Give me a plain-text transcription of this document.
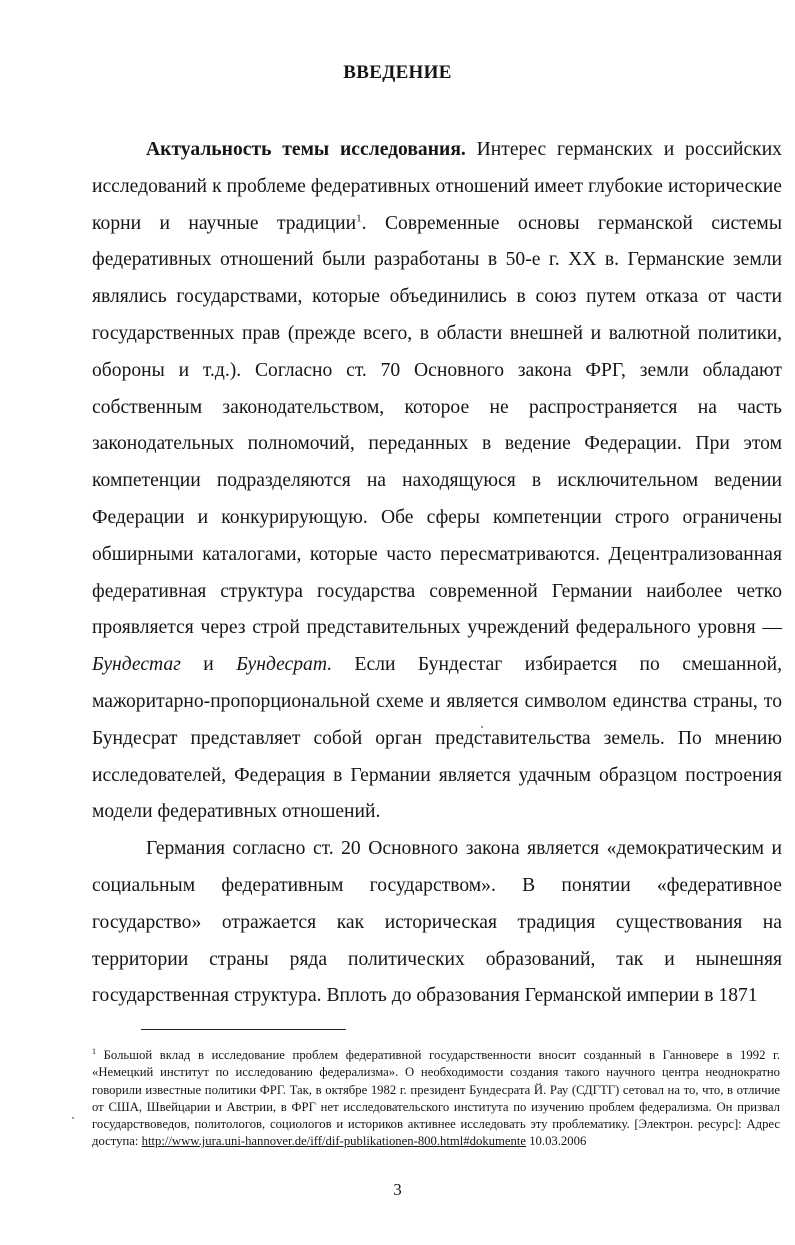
ВВЕДЕНИЕ

Актуальность темы исследования. Интерес германских и российских исследований к проблеме федеративных отношений имеет глубокие исторические корни и научные традиции$^1$. Современные основы германской системы федеративных отношений были разработаны в 50-е г. XX в. Германские земли являлись государствами, которые объединились в союз путем отказа от части государственных прав (прежде всего, в области внешней и валютной политики, обороны и т.д.). Согласно ст. 70 Основного закона ФРГ, земли обладают собственным законодательством, которое не распространяется на часть законодательных полномочий, переданных в ведение Федерации. При этом компетенции подразделяются на находящуюся в исключительном ведении Федерации и конкурирующую. Обе сферы компетенции строго ограничены обширными каталогами, которые часто пересматриваются. Децентрализованная федеративная структура государства современной Германии наиболее четко проявляется через строй представительных учреждений федерального уровня — Бундестаг и Бундесрат. Если Бундестаг избирается по смешанной, мажоритарно-пропорциональной схеме и является символом единства страны, то Бундесрат представляет собой орган представительства земель. По мнению исследователей, Федерация в Германии является удачным образцом построения модели федеративных отношений.

Германия согласно ст. 20 Основного закона является «демократическим и социальным федеративным государством». В понятии «федеративное государство» отражается как историческая традиция существования на территории страны ряда политических образований, так и нынешняя государственная структура. Вплоть до образования Германской империи в 1871

$^1$ Большой вклад в исследование проблем федеративной государственности вносит созданный в Ганновере в 1992 г. «Немецкий институт по исследованию федерализма». О необходимости создания такого научного центра неоднократно говорили известные политики ФРГ. Так, в октябре 1982 г. президент Бундесрата Й. Рау (СДГТГ) сетовал на то, что, в отличие от США, Швейцарии и Австрии, в ФРГ нет исследовательского института по изучению проблем федерализма. Он призвал государствоведов, политологов, социологов и историков активнее исследовать эту проблематику. [Электрон. ресурс]: Адрес доступа: http://www.jura.uni-hannover.de/iff/dif-publikationen-800.html#dokumente 10.03.2006

3
